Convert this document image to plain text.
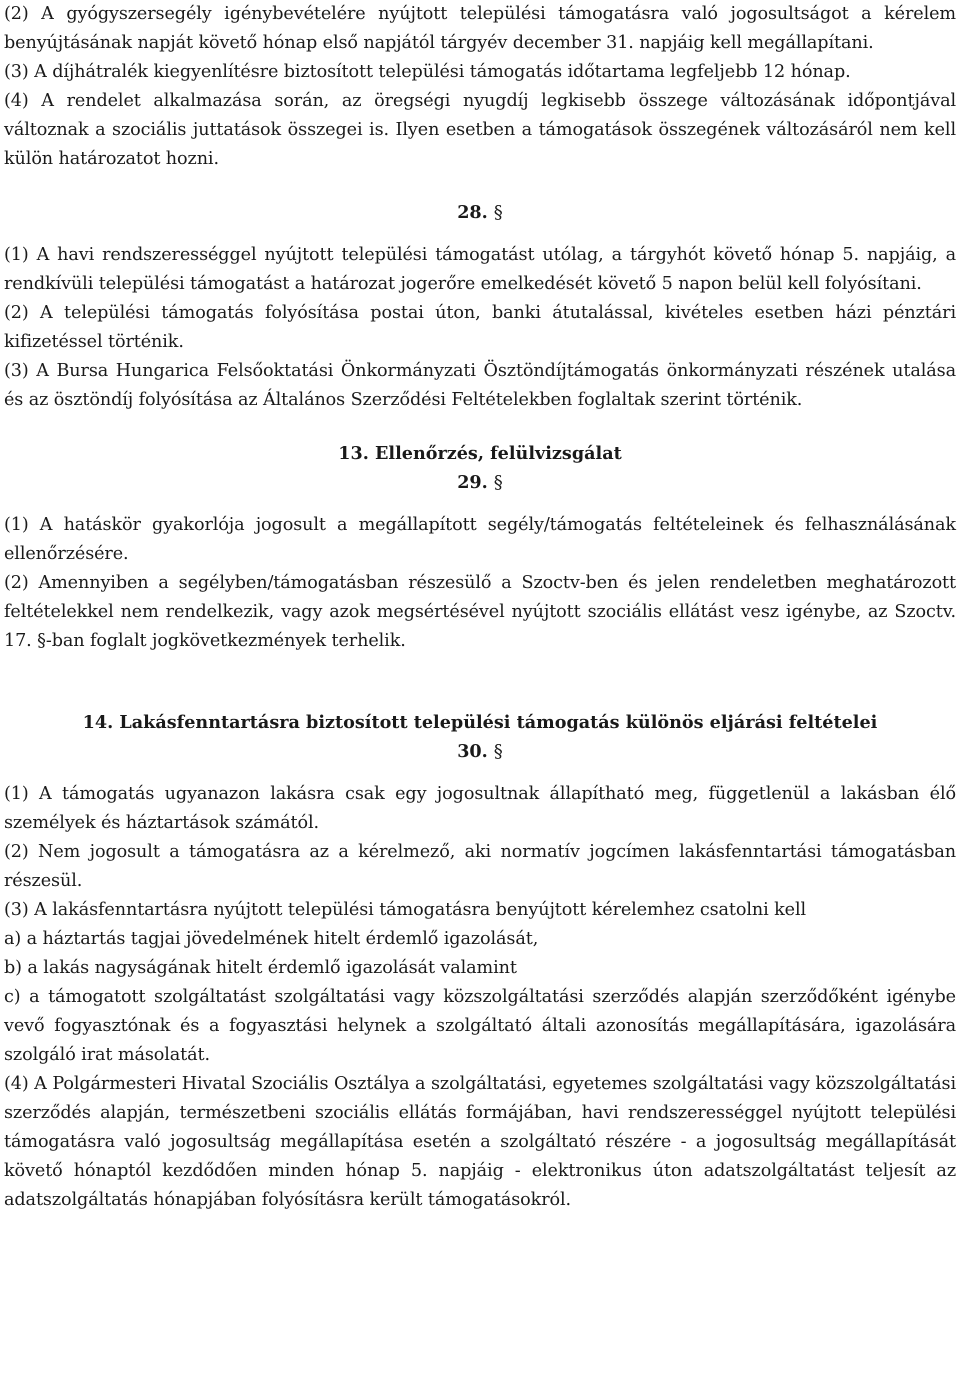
(2) A gyógyszersegély igénybevételére nyújtott települési támogatásra való jogosultságot a kérelem benyújtásának napját követő hónap első napjától tárgyév december 31. napjáig kell megállapítani.

(3) A díjhátralék kiegyenlítésre biztosított települési támogatás időtartama legfeljebb 12 hónap.

(4) A rendelet alkalmazása során, az öregségi nyugdíj legkisebb összege változásának időpontjával változnak a szociális juttatások összegei is. Ilyen esetben a támogatások összegének változásáról nem kell külön határozatot hozni.

28. §

(1) A havi rendszerességgel nyújtott települési támogatást utólag, a tárgyhót követő hónap 5. napjáig, a rendkívüli települési támogatást a határozat jogerőre emelkedését követő 5 napon belül kell folyósítani.

(2) A települési támogatás folyósítása postai úton, banki átutalással, kivételes esetben házi pénztári kifizetéssel történik.

(3) A Bursa Hungarica Felsőoktatási Önkormányzati Ösztöndíjtámogatás önkormányzati részének utalása és az ösztöndíj folyósítása az Általános Szerződési Feltételekben foglaltak szerint történik.

13. Ellenőrzés, felülvizsgálat

29. §

(1) A hatáskör gyakorlója jogosult a megállapított segély/támogatás feltételeinek és felhasználásának ellenőrzésére.

(2) Amennyiben a segélyben/támogatásban részesülő a Szoctv-ben és jelen rendeletben meghatározott feltételekkel nem rendelkezik, vagy azok megsértésével nyújtott szociális ellátást vesz igénybe, az Szoctv. 17. §-ban foglalt jogkövetkezmények terhelik.

14. Lakásfenntartásra biztosított települési támogatás különös eljárási feltételei

30. §

(1) A támogatás ugyanazon lakásra csak egy jogosultnak állapítható meg, függetlenül a lakásban élő személyek és háztartások számától.

(2) Nem jogosult a támogatásra az a kérelmező, aki normatív jogcímen lakásfenntartási támogatásban részesül.

(3) A lakásfenntartásra nyújtott települési támogatásra benyújtott kérelemhez csatolni kell

a) a háztartás tagjai jövedelmének hitelt érdemlő igazolását,

b) a lakás nagyságának hitelt érdemlő igazolását valamint

c) a támogatott szolgáltatást szolgáltatási vagy közszolgáltatási szerződés alapján szerződőként igénybe vevő fogyasztónak és a fogyasztási helynek a szolgáltató általi azonosítás megállapítására, igazolására szolgáló irat másolatát.

(4) A Polgármesteri Hivatal Szociális Osztálya a szolgáltatási, egyetemes szolgáltatási vagy közszolgáltatási szerződés alapján, természetbeni szociális ellátás formájában, havi rendszerességgel nyújtott települési támogatásra való jogosultság megállapítása esetén a szolgáltató részére - a jogosultság megállapítását követő hónaptól kezdődően minden hónap 5. napjáig - elektronikus úton adatszolgáltatást teljesít az adatszolgáltatás hónapjában folyósításra került támogatásokról.
